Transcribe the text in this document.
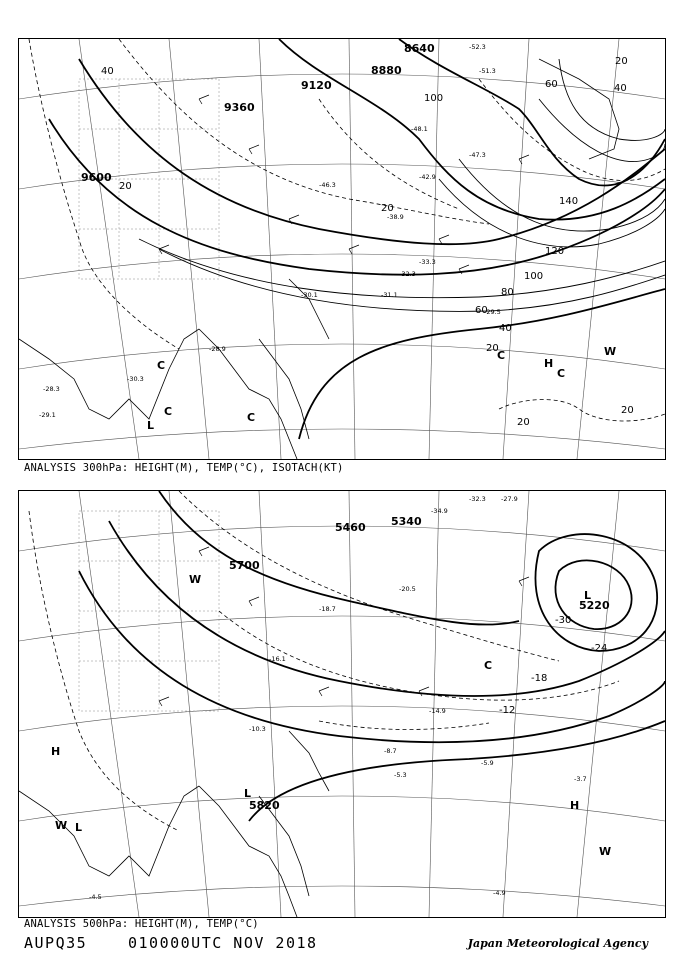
8640
8880
9120
9360
9600
20
40
60
140
120
100
80
60
40
20
20
20
40
20
20
100
L
C	C
H
C
W
C
C
-52.3
-51.3
-48.1
-46.3
-47.3
-42.9
-38.9
-33.3
-32.3
-31.1
-29.5
-30.1
-28.9
-30.3
-29.1
-28.3
ANALYSIS 300hPa: HEIGHT(M), TEMP(°C), ISOTACH(KT)
5460 5340
5700
5220
5820
-30
-24
-18
-12
L
H
W L
C
L
H
W
W
-32.3 -27.9
-34.9
-18.7
-20.5
-16.1
-14.9
-10.3
-8.7
-5.3	-3.7
-4.9
-4.5
-5.9
ANALYSIS 500hPa: HEIGHT(M), TEMP(°C)
AUPQ35	010000UTC NOV 2018	Japan Meteorological Agency
